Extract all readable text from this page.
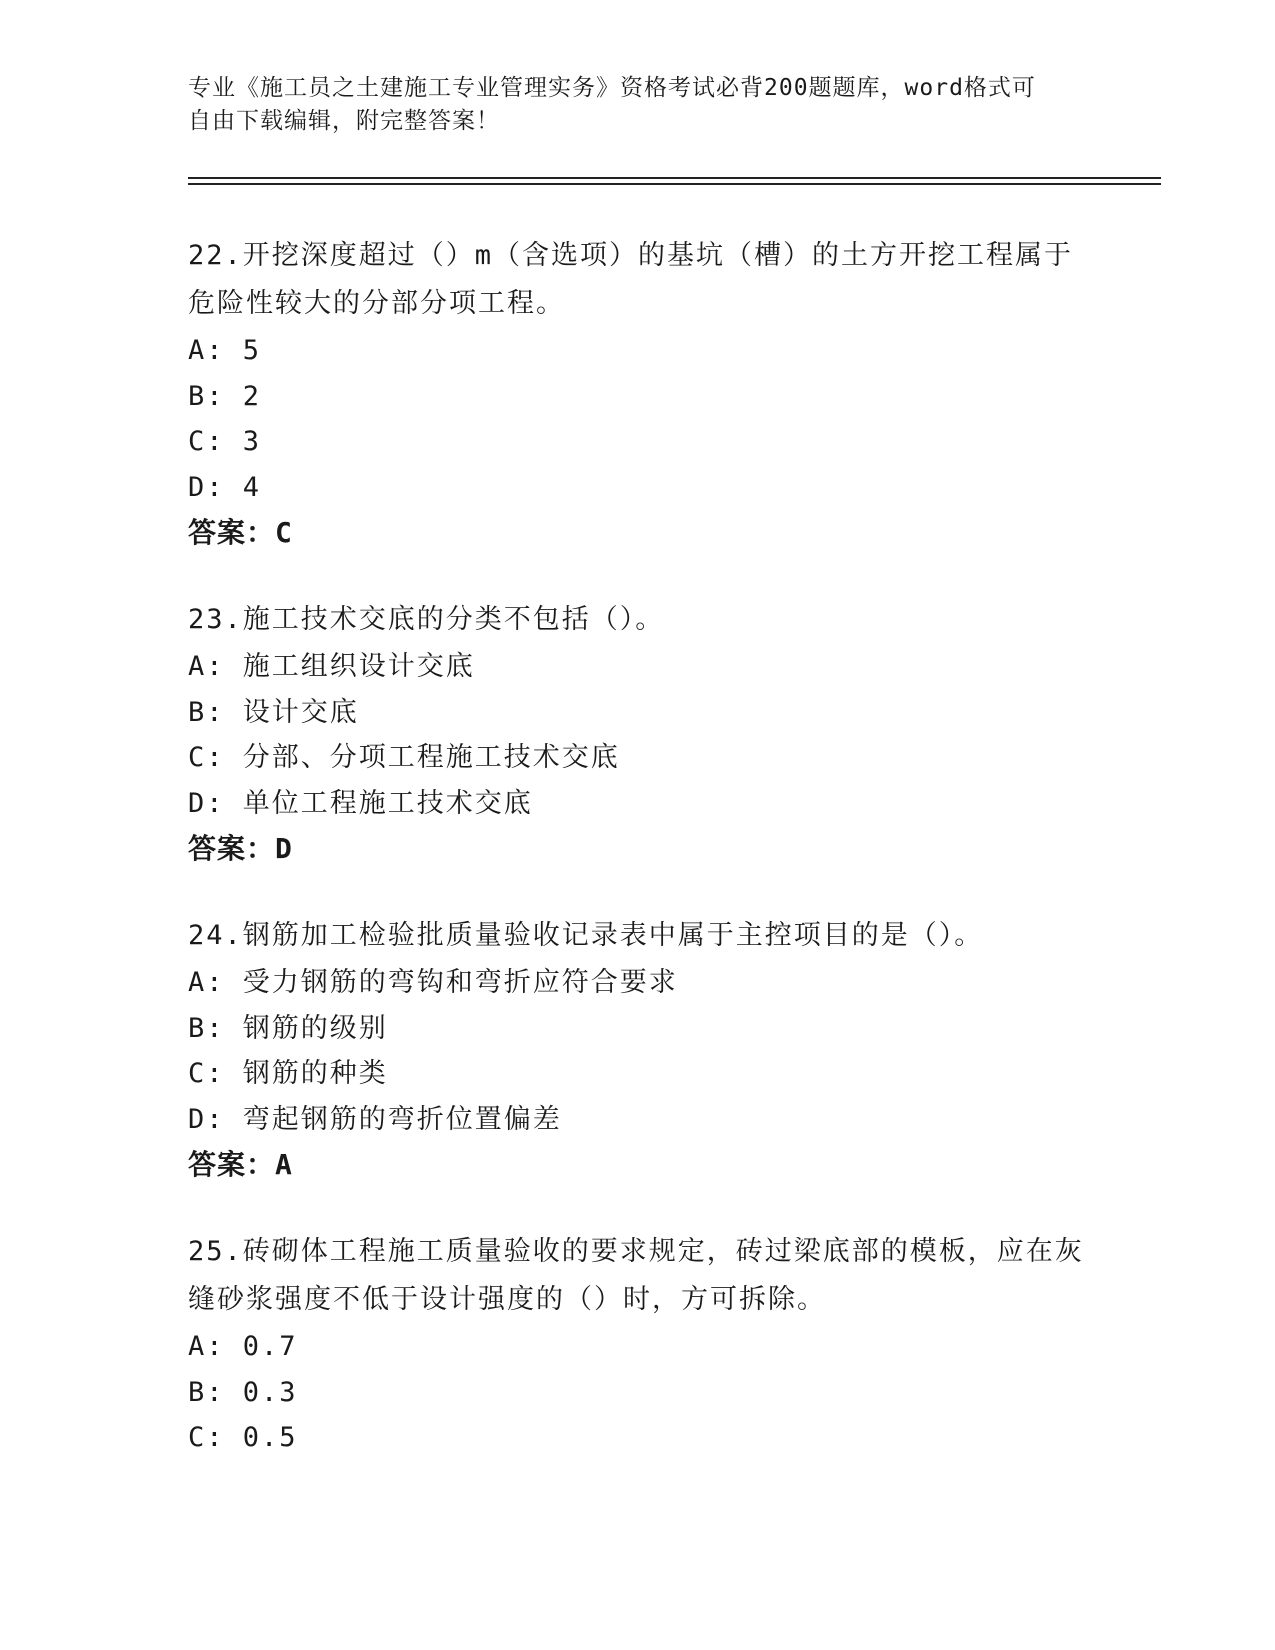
专业《施工员之土建施工专业管理实务》资格考试必背200题题库，word格式可
自由下载编辑，附完整答案！
22.开挖深度超过（）m（含选项）的基坑（槽）的土方开挖工程属于
危险性较大的分部分项工程。
A: 5
B: 2
C: 3
D: 4
答案：C
23.施工技术交底的分类不包括（）。
A: 施工组织设计交底
B: 设计交底
C: 分部、分项工程施工技术交底
D: 单位工程施工技术交底
答案：D
24.钢筋加工检验批质量验收记录表中属于主控项目的是（）。
A: 受力钢筋的弯钩和弯折应符合要求
B: 钢筋的级别
C: 钢筋的种类
D: 弯起钢筋的弯折位置偏差
答案：A
25.砖砌体工程施工质量验收的要求规定，砖过梁底部的模板，应在灰
缝砂浆强度不低于设计强度的（）时，方可拆除。
A: 0.7
B: 0.3
C: 0.5
